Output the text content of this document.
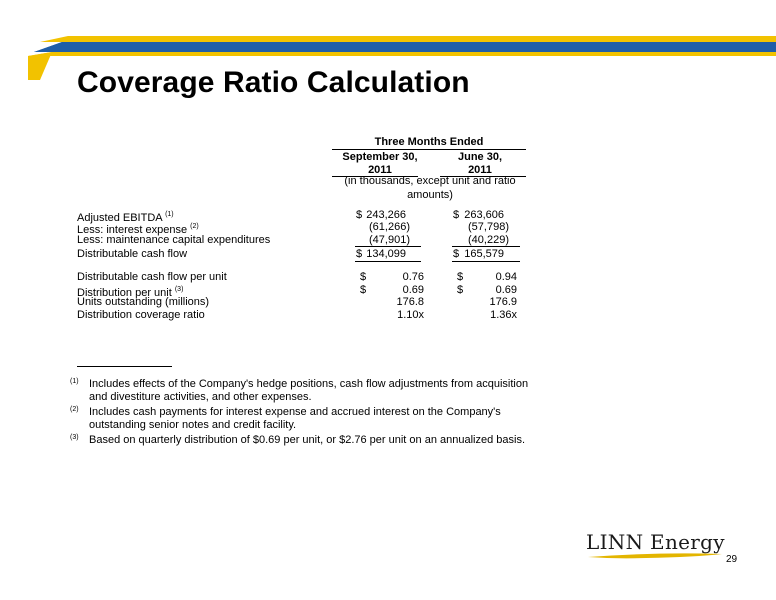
Coverage Ratio Calculation
Three Months Ended
September 30,
2011
June 30,
2011
(in thousands, except unit and ratio amounts)
Adjusted EBITDA $^{(1)}$	$ 243,266	$ 263,606
Less: interest expense $^{(2)}$	(61,266)	(57,798)
Less: maintenance capital expenditures	(47,901)	(40,229)
Distributable cash flow	$ 134,099	$ 165,579
Distributable cash flow per unit	$	0.76	$	0.94
Distribution per unit $^{(3)}$	$	0.69	$	0.69
Units outstanding (millions)	176.8	176.9
Distribution coverage ratio	1.10x	1.36x
(1) Includes effects of the Company's hedge positions, cash flow adjustments from acquisition and divestiture activities, and other expenses.
(2) Includes cash payments for interest expense and accrued interest on the Company's outstanding senior notes and credit facility.
(3) Based on quarterly distribution of $0.69 per unit, or $2.76 per unit on an annualized basis.
LINN Energy
29
